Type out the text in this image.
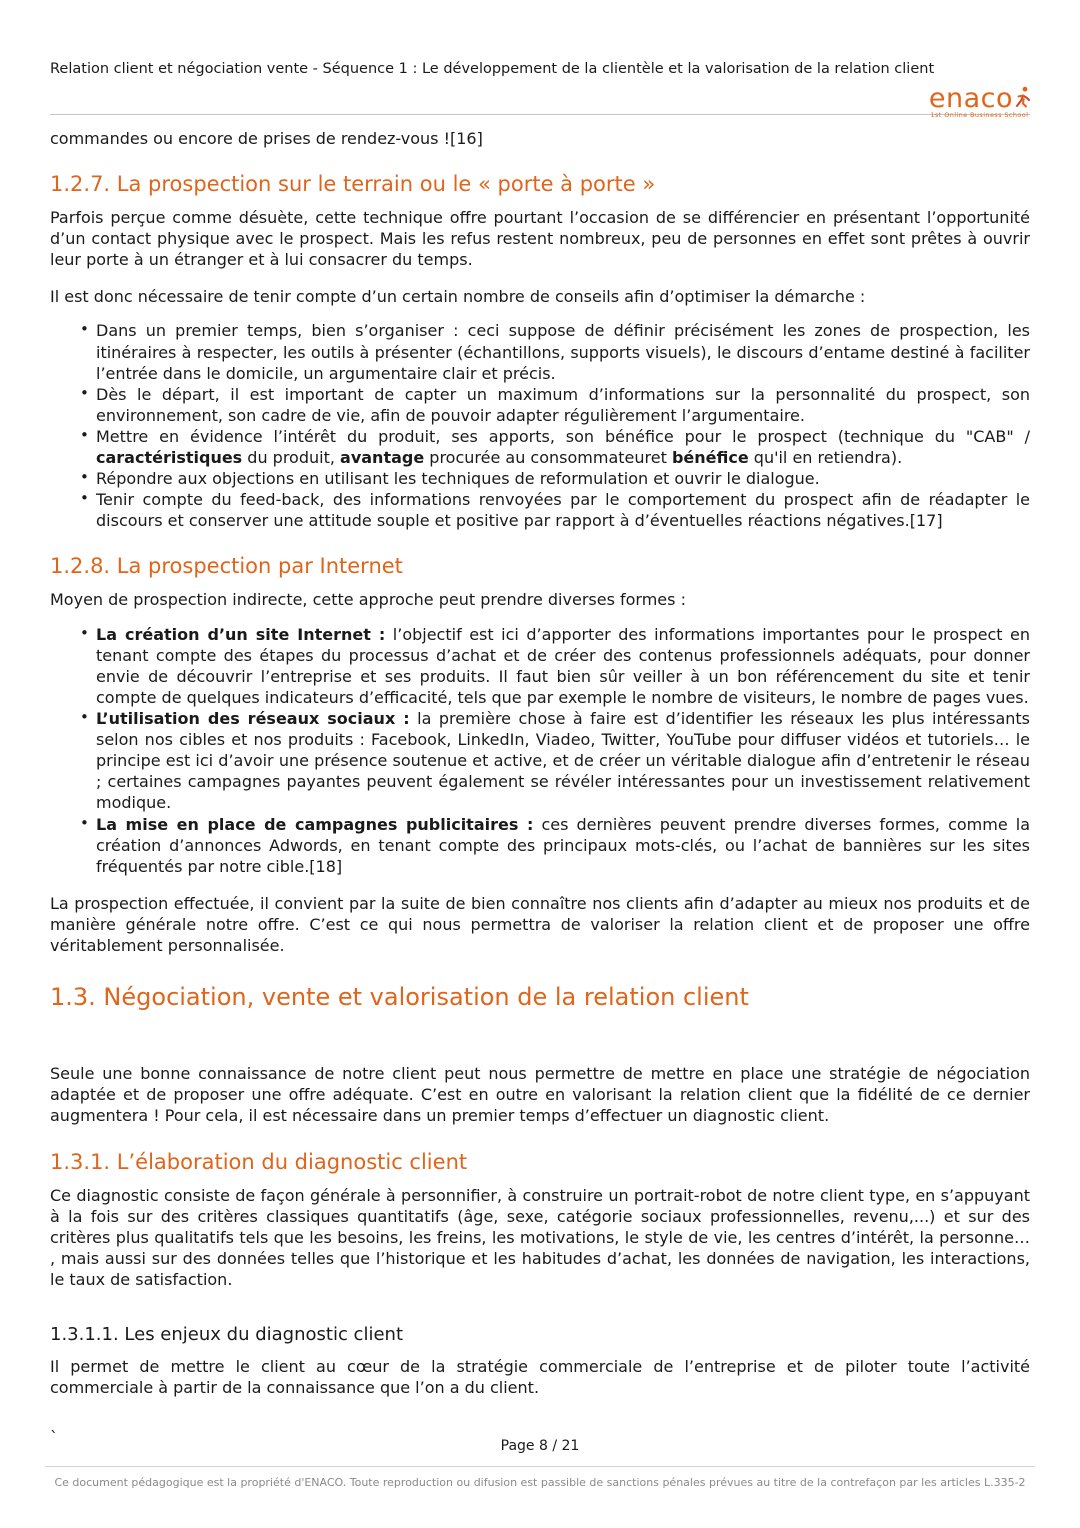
Relation client et négociation vente - Séquence 1 : Le développement de la clientèle et la valorisation de la relation client
enaco
1st Online Business School

commandes ou encore de prises de rendez-vous ![16]

1.2.7. La prospection sur le terrain ou le « porte à porte »

Parfois perçue comme désuète, cette technique offre pourtant l’occasion de se différencier en présentant l’opportunité d’un contact physique avec le prospect. Mais les refus restent nombreux, peu de personnes en effet sont prêtes à ouvrir leur porte à un étranger et à lui consacrer du temps.

Il est donc nécessaire de tenir compte d’un certain nombre de conseils afin d’optimiser la démarche :

• Dans un premier temps, bien s’organiser : ceci suppose de définir précisément les zones de prospection, les itinéraires à respecter, les outils à présenter (échantillons, supports visuels), le discours d’entame destiné à faciliter l’entrée dans le domicile, un argumentaire clair et précis.
• Dès le départ, il est important de capter un maximum d’informations sur la personnalité du prospect, son environnement, son cadre de vie, afin de pouvoir adapter régulièrement l’argumentaire.
• Mettre en évidence l’intérêt du produit, ses apports, son bénéfice pour le prospect (technique du "CAB" / caractéristiques du produit, avantage procurée au consommateuret bénéfice qu'il en retiendra).
• Répondre aux objections en utilisant les techniques de reformulation et ouvrir le dialogue.
• Tenir compte du feed-back, des informations renvoyées par le comportement du prospect afin de réadapter le discours et conserver une attitude souple et positive par rapport à d’éventuelles réactions négatives.[17]
1.2.8. La prospection par Internet

Moyen de prospection indirecte, cette approche peut prendre diverses formes :

• La création d’un site Internet : l’objectif est ici d’apporter des informations importantes pour le prospect en tenant compte des étapes du processus d’achat et de créer des contenus professionnels adéquats, pour donner envie de découvrir l’entreprise et ses produits. Il faut bien sûr veiller à un bon référencement du site et tenir compte de quelques indicateurs d’efficacité, tels que par exemple le nombre de visiteurs, le nombre de pages vues.
• L’utilisation des réseaux sociaux : la première chose à faire est d’identifier les réseaux les plus intéressants selon nos cibles et nos produits : Facebook, LinkedIn, Viadeo, Twitter, YouTube pour diffuser vidéos et tutoriels… le principe est ici d’avoir une présence soutenue et active, et de créer un véritable dialogue afin d’entretenir le réseau ; certaines campagnes payantes peuvent également se révéler intéressantes pour un investissement relativement modique.
• La mise en place de campagnes publicitaires : ces dernières peuvent prendre diverses formes, comme la création d’annonces Adwords, en tenant compte des principaux mots-clés, ou l’achat de bannières sur les sites fréquentés par notre cible.[18]

La prospection effectuée, il convient par la suite de bien connaître nos clients afin d’adapter au mieux nos produits et de manière générale notre offre. C’est ce qui nous permettra de valoriser la relation client et de proposer une offre véritablement personnalisée.

1.3. Négociation, vente et valorisation de la relation client

Seule une bonne connaissance de notre client peut nous permettre de mettre en place une stratégie de négociation adaptée et de proposer une offre adéquate. C’est en outre en valorisant la relation client que la fidélité de ce dernier augmentera ! Pour cela, il est nécessaire dans un premier temps d’effectuer un diagnostic client.

1.3.1. L’élaboration du diagnostic client

Ce diagnostic consiste de façon générale à personnifier, à construire un portrait-robot de notre client type, en s’appuyant à la fois sur des critères classiques quantitatifs (âge, sexe, catégorie sociaux professionnelles, revenu,...) et sur des critères plus qualitatifs tels que les besoins, les freins, les motivations, le style de vie, les centres d’intérêt, la personne… , mais aussi sur des données telles que l’historique et les habitudes d’achat, les données de navigation, les interactions, le taux de satisfaction.

1.3.1.1. Les enjeux du diagnostic client

Il permet de mettre le client au cœur de la stratégie commerciale de l’entreprise et de piloter toute l’activité commerciale à partir de la connaissance que l’on a du client.

`	Page 8 / 21
Ce document pédagogique est la propriété d'ENACO. Toute reproduction ou difusion est passible de sanctions pénales prévues au titre de la contrefaçon par les articles L.335-2
